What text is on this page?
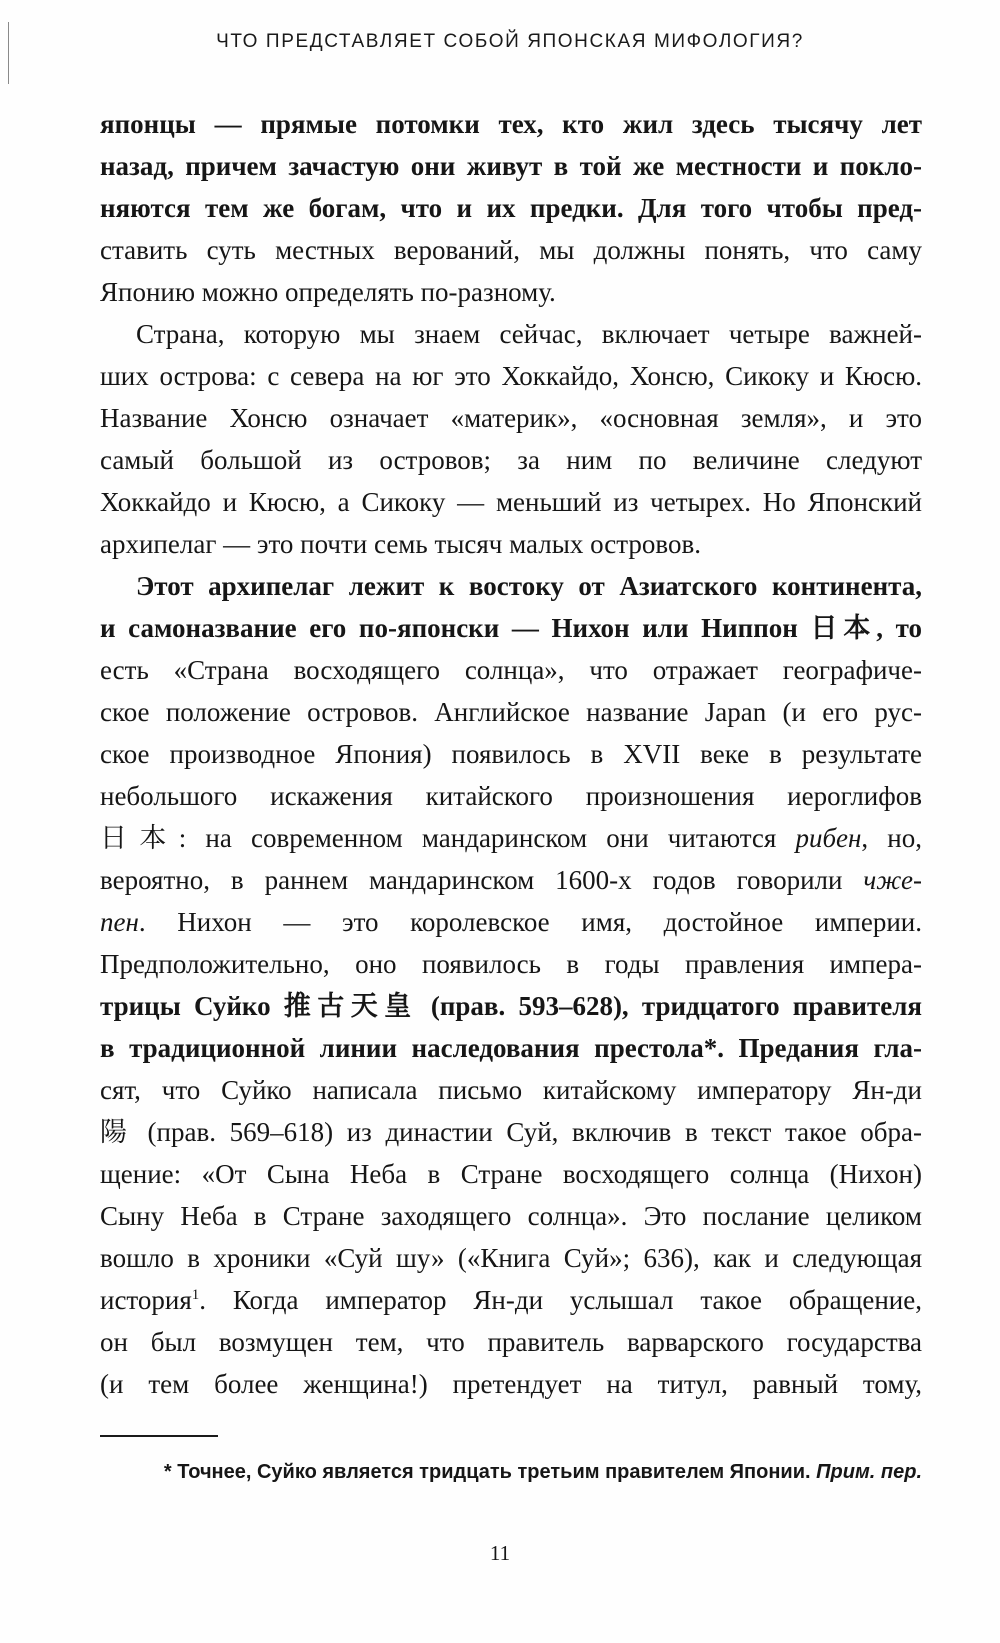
ЧТО ПРЕДСТАВЛЯЕТ СОБОЙ ЯПОНСКАЯ МИФОЛОГИЯ?
японцы — прямые потомки тех, кто жил здесь тысячу лет
назад, причем зачастую они живут в той же местности и покло-
няются тем же богам, что и их предки. Для того чтобы пред-
ставить суть местных верований, мы должны понять, что саму
Японию можно определять по-разному.
Страна, которую мы знаем сейчас, включает четыре важней-
ших острова: с севера на юг это Хоккайдо, Хонсю, Сикоку и Кюсю.
Название Хонсю означает «материк», «основная земля», и это
самый большой из островов; за ним по величине следуют
Хоккайдо и Кюсю, а Сикоку — меньший из четырех. Но Японский
архипелаг — это почти семь тысяч малых островов.
Этот архипелаг лежит к востоку от Азиатского континента,
и самоназвание его по-японски — Нихон или Ниппон 日本, то
есть «Страна восходящего солнца», что отражает географиче-
ское положение островов. Английское название Japan (и его рус-
ское производное Япония) появилось в XVII веке в результате
небольшого искажения китайского произношения иероглифов
日本: на современном мандаринском они читаются рибен, но,
вероятно, в раннем мандаринском 1600-х годов говорили чже-
пен. Нихон — это королевское имя, достойное империи.
Предположительно, оно появилось в годы правления импера-
трицы Суйко 推古天皇 (прав. 593–628), тридцатого правителя
в традиционной линии наследования престола*. Предания гла-
сят, что Суйко написала письмо китайскому императору Ян-ди
陽 (прав. 569–618) из династии Суй, включив в текст такое обра-
щение: «От Сына Неба в Стране восходящего солнца (Нихон)
Сыну Неба в Стране заходящего солнца». Это послание целиком
вошло в хроники «Суй шу» («Книга Суй»; 636), как и следующая
история$^1$. Когда император Ян-ди услышал такое обращение,
он был возмущен тем, что правитель варварского государства
(и тем более женщина!) претендует на титул, равный тому,
* Точнее, Суйко является тридцать третьим правителем Японии. Прим. пер.
11
